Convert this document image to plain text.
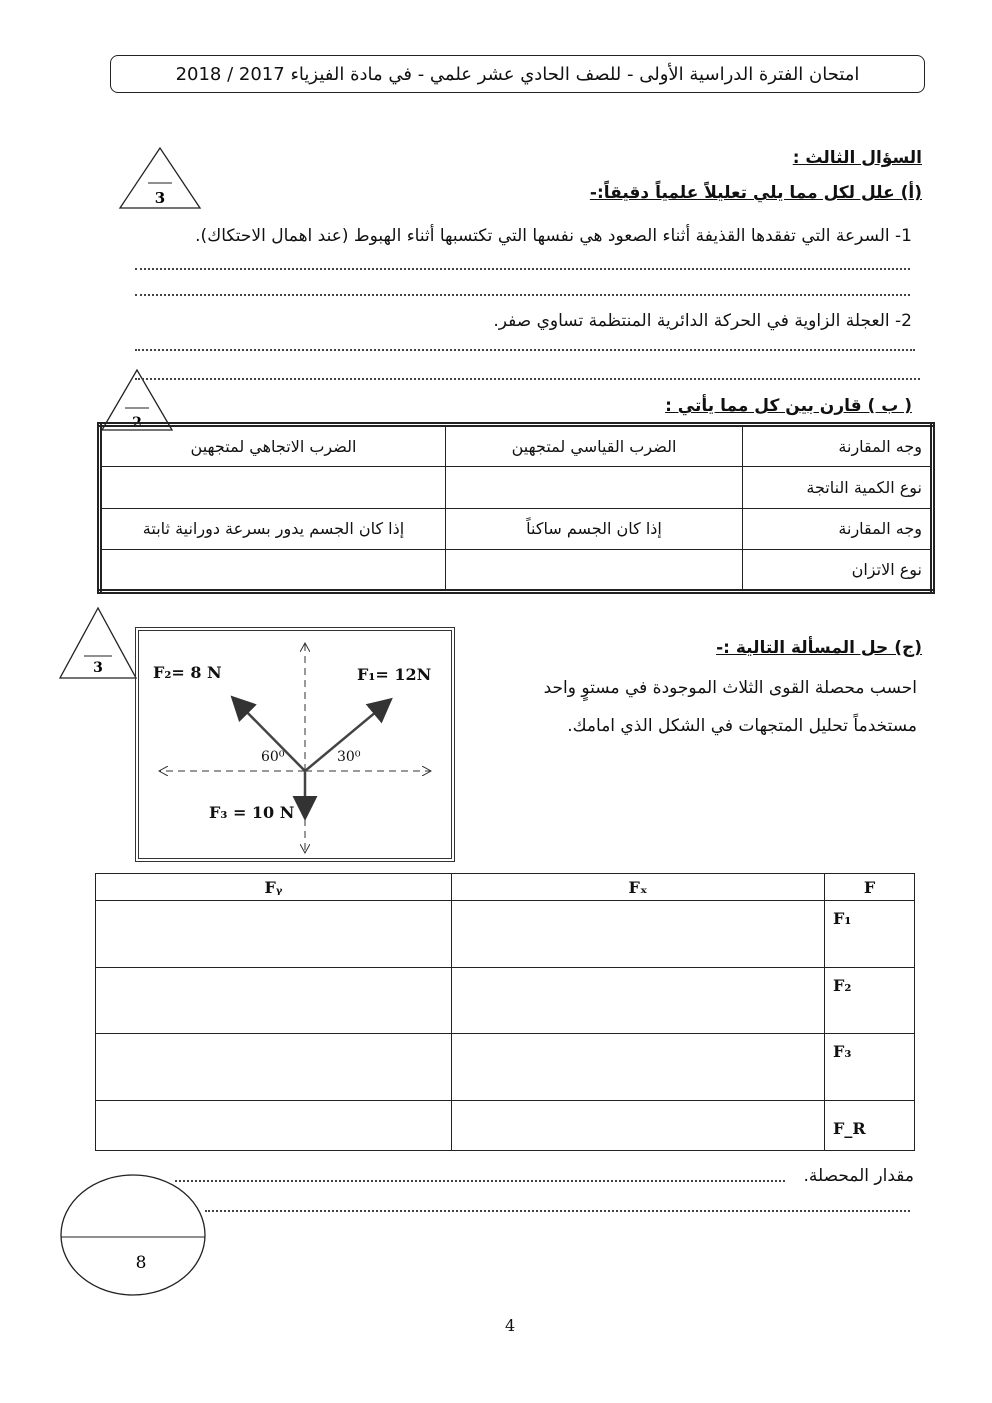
امتحان الفترة الدراسية الأولى - للصف الحادي عشر علمي - في مادة الفيزياء 2017 / 2018
3
2
3
السؤال الثالث :
(أ) علل لكل مما يلي تعليلاً علمياً دقيقاً:-
1- السرعة التي تفقدها القذيفة أثناء الصعود هي نفسها التي تكتسبها أثناء الهبوط (عند اهمال الاحتكاك).
2- العجلة الزاوية في الحركة الدائرية المنتظمة تساوي صفر.
( ب ) قارن بين كل مما يأتي :
وجه المقارنة	الضرب القياسي لمتجهين	الضرب الاتجاهي لمتجهين
نوع الكمية الناتجة		
وجه المقارنة	إذا كان الجسم ساكناً	إذا كان الجسم يدور بسرعة دورانية ثابتة
نوع الاتزان		
F₂= 8 N	F₁= 12N
F₃ = 10 N
60⁰	30⁰
(ج) حل المسألة التالية :-
احسب محصلة القوى الثلاث الموجودة في مستوٍ واحد
مستخدماً تحليل المتجهات في الشكل الذي امامك.
Fᵧ	Fₓ	F
		F₁
		F₂
		F₃
		F_R
مقدار المحصلة.
8
4
